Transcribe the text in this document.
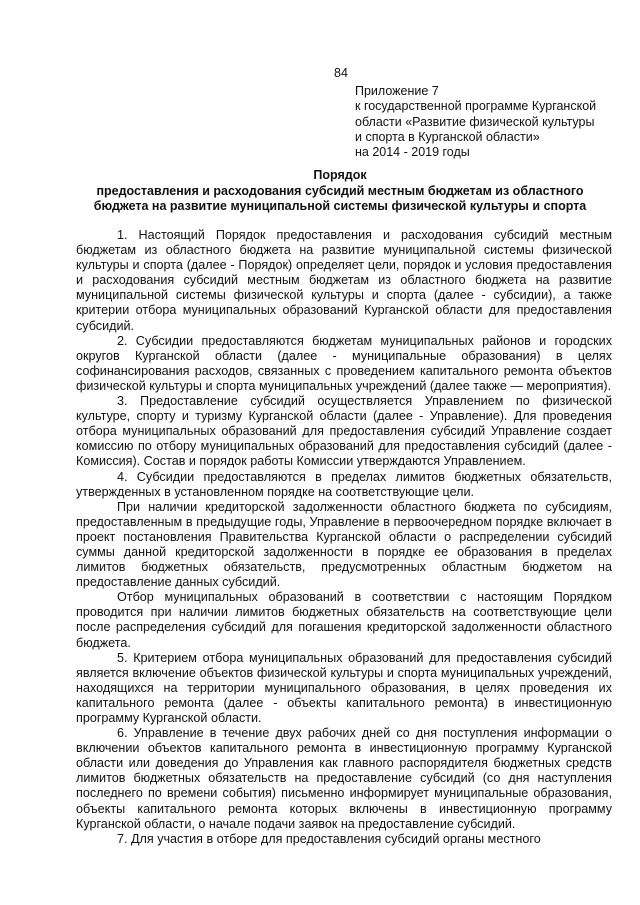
84
Приложение 7
к государственной программе Курганской
области «Развитие физической культуры
и спорта в Курганской области»
на 2014 - 2019 годы
Порядок
предоставления и расходования субсидий местным бюджетам из областного бюджета на развитие муниципальной системы физической культуры и спорта

1. Настоящий Порядок предоставления и расходования субсидий местным бюджетам из областного бюджета на развитие муниципальной системы физической культуры и спорта (далее - Порядок) определяет цели, порядок и условия предоставления и расходования субсидий местным бюджетам из областного бюджета на развитие муниципальной системы физической культуры и спорта (далее - субсидии), а также критерии отбора муниципальных образований Курганской области для предоставления субсидий.

2. Субсидии предоставляются бюджетам муниципальных районов и городских округов Курганской области (далее - муниципальные образования) в целях софинансирования расходов, связанных с проведением капитального ремонта объектов физической культуры и спорта муниципальных учреждений (далее также — мероприятия).

3. Предоставление субсидий осуществляется Управлением по физической культуре, спорту и туризму Курганской области (далее - Управление). Для проведения отбора муниципальных образований для предоставления субсидий Управление создает комиссию по отбору муниципальных образований для предоставления субсидий (далее - Комиссия). Состав и порядок работы Комиссии утверждаются Управлением.

4. Субсидии предоставляются в пределах лимитов бюджетных обязательств, утвержденных в установленном порядке на соответствующие цели.

При наличии кредиторской задолженности областного бюджета по субсидиям, предоставленным в предыдущие годы, Управление в первоочередном порядке включает в проект постановления Правительства Курганской области о распределении субсидий суммы данной кредиторской задолженности в порядке ее образования в пределах лимитов бюджетных обязательств, предусмотренных областным бюджетом на предоставление данных субсидий.

Отбор муниципальных образований в соответствии с настоящим Порядком проводится при наличии лимитов бюджетных обязательств на соответствующие цели после распределения субсидий для погашения кредиторской задолженности областного бюджета.

5. Критерием отбора муниципальных образований для предоставления субсидий является включение объектов физической культуры и спорта муниципальных учреждений, находящихся на территории муниципального образования, в целях проведения их капитального ремонта (далее - объекты капитального ремонта) в инвестиционную программу Курганской области.

6. Управление в течение двух рабочих дней со дня поступления информации о включении объектов капитального ремонта в инвестиционную программу Курганской области или доведения до Управления как главного распорядителя бюджетных средств лимитов бюджетных обязательств на предоставление субсидий (со дня наступления последнего по времени события) письменно информирует муниципальные образования, объекты капитального ремонта которых включены в инвестиционную программу Курганской области, о начале подачи заявок на предоставление субсидий.

7. Для участия в отборе для предоставления субсидий органы местного
